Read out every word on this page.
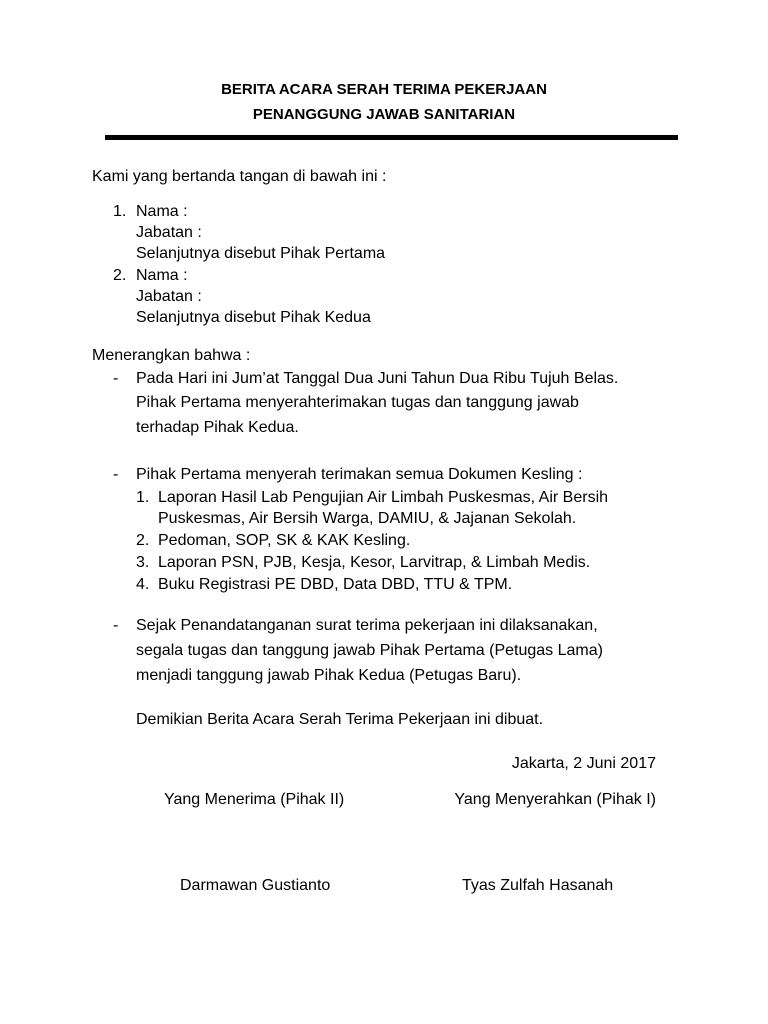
BERITA ACARA SERAH TERIMA PEKERJAAN
PENANGGUNG JAWAB SANITARIAN
Kami yang bertanda tangan di bawah ini :
1. Nama :
Jabatan :
Selanjutnya disebut Pihak Pertama
2. Nama :
Jabatan :
Selanjutnya disebut Pihak Kedua
Menerangkan bahwa :
- Pada Hari ini Jum’at Tanggal Dua Juni Tahun Dua Ribu Tujuh Belas.
Pihak Pertama menyerahterimakan tugas dan tanggung jawab
terhadap Pihak Kedua.
- Pihak Pertama menyerah terimakan semua Dokumen Kesling :
1. Laporan Hasil Lab Pengujian Air Limbah Puskesmas, Air Bersih
Puskesmas, Air Bersih Warga, DAMIU, & Jajanan Sekolah.
2. Pedoman, SOP, SK & KAK Kesling.
3. Laporan PSN, PJB, Kesja, Kesor, Larvitrap, & Limbah Medis.
4. Buku Registrasi PE DBD, Data DBD, TTU & TPM.
- Sejak Penandatanganan surat terima pekerjaan ini dilaksanakan,
segala tugas dan tanggung jawab Pihak Pertama (Petugas Lama)
menjadi tanggung jawab Pihak Kedua (Petugas Baru).
Demikian Berita Acara Serah Terima Pekerjaan ini dibuat.
Jakarta, 2 Juni 2017
Yang Menerima (Pihak II)	Yang Menyerahkan (Pihak I)
Darmawan Gustianto	Tyas Zulfah Hasanah
